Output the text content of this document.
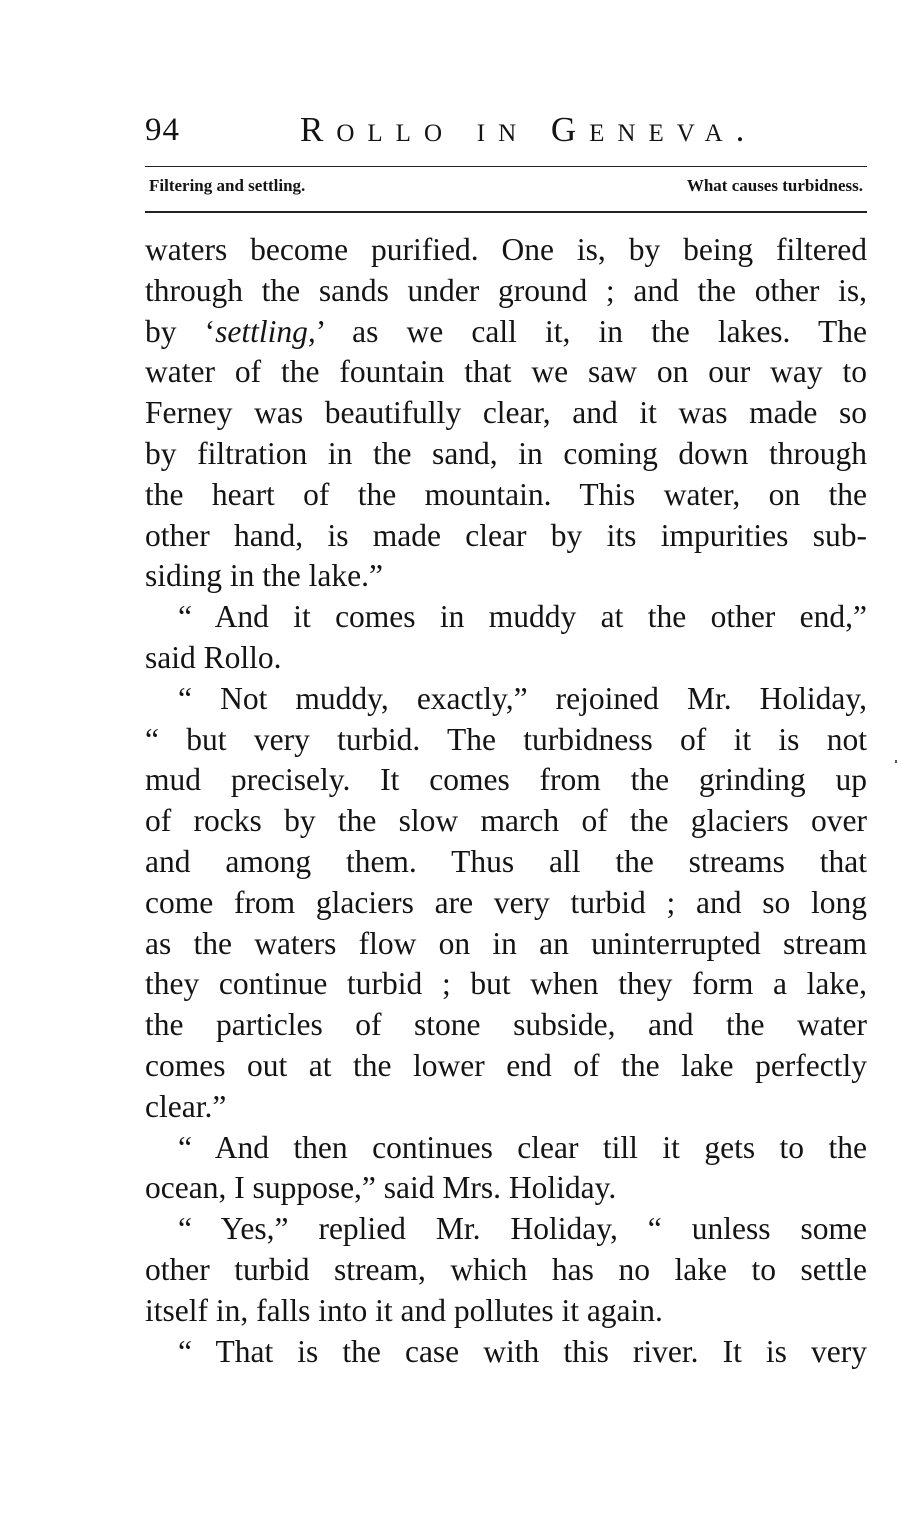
94	Rollo in Geneva.
Filtering and settling.	What causes turbidness.
waters become purified. One is, by being filtered
through the sands under ground ; and the other is,
by ‘settling,’ as we call it, in the lakes. The
water of the fountain that we saw on our way to
Ferney was beautifully clear, and it was made so
by filtration in the sand, in coming down through
the heart of the mountain. This water, on the
other hand, is made clear by its impurities sub-
siding in the lake.”
“ And it comes in muddy at the other end,”
said Rollo.
“ Not muddy, exactly,” rejoined Mr. Holiday,
“ but very turbid. The turbidness of it is not
mud precisely. It comes from the grinding up
of rocks by the slow march of the glaciers over
and among them. Thus all the streams that
come from glaciers are very turbid ; and so long
as the waters flow on in an uninterrupted stream
they continue turbid ; but when they form a lake,
the particles of stone subside, and the water
comes out at the lower end of the lake perfectly
clear.”
“ And then continues clear till it gets to the
ocean, I suppose,” said Mrs. Holiday.
“ Yes,” replied Mr. Holiday, “ unless some
other turbid stream, which has no lake to settle
itself in, falls into it and pollutes it again.
“ That is the case with this river. It is very
